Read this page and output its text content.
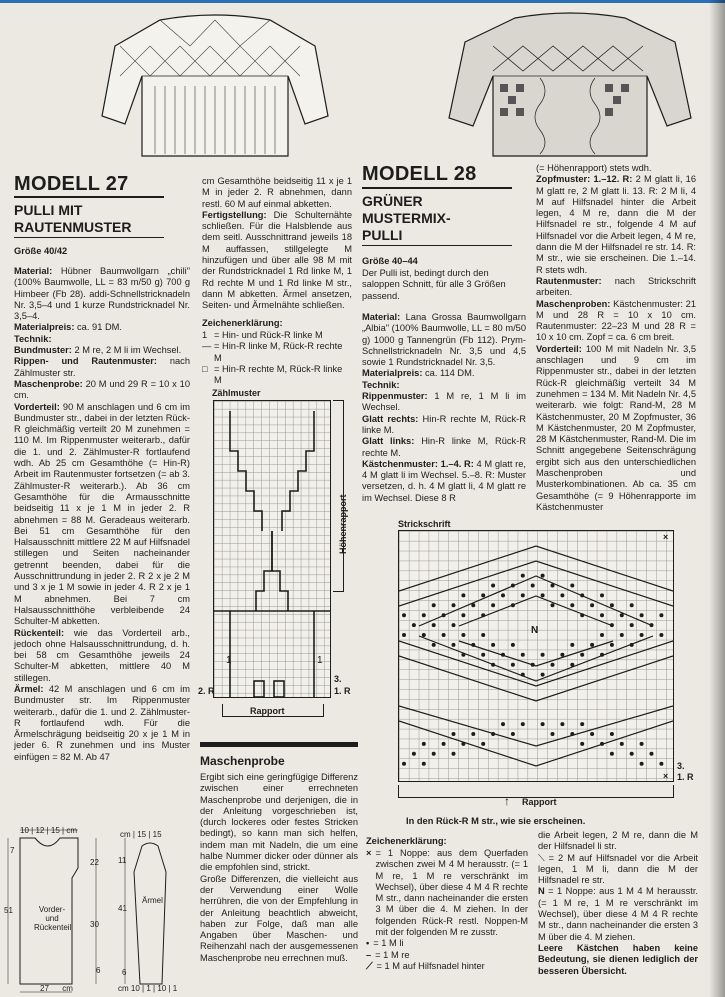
MODELL 27
PULLI MIT
RAUTENMUSTER
Größe 40/42

Material: Hübner Baumwollgarn „chili" (100% Baumwolle, LL = 83 m/50 g) 700 g Himbeer (Fb 28). addi-Schnellstricknadeln Nr. 3,5–4 und 1 kurze Rundstricknadel Nr. 3,5–4.

Materialpreis: ca. 91 DM.

Technik:

Bundmuster: 2 M re, 2 M li im Wechsel.

Rippen- und Rautenmuster: nach Zählmuster str.

Maschenprobe: 20 M und 29 R = 10 x 10 cm.

Vorderteil: 90 M anschlagen und 6 cm im Bundmuster str., dabei in der letzten Rück-R gleichmäßig verteilt 20 M zunehmen = 110 M. Im Rippenmuster weiterarb., dafür die 1. und 2. Zählmuster-R fortlaufend wdh. Ab 25 cm Gesamthöhe (= Hin-R) Arbeit im Rautenmuster fortsetzen (= ab 3. Zählmuster-R weiterarb.). Ab 36 cm Gesamthöhe für die Armausschnitte beidseitig 11 x je 1 M in jeder 2. R abnehmen = 88 M. Geradeaus weiterarb. Bei 51 cm Gesamthöhe für den Halsausschnitt mittlere 22 M auf Hilfsnadel stillegen und Seiten nacheinander getrennt beenden, dabei für die Ausschnittrundung in jeder 2. R 2 x je 2 M und 3 x je 1 M sowie in jeder 4. R 2 x je 1 M abnehmen. Bei 7 cm Halsausschnitthöhe verbleibende 24 Schulter-M abketten.

Rückenteil: wie das Vorderteil arb., jedoch ohne Halsausschnittrundung, d. h. bei 58 cm Gesamthöhe jeweils 24 Schulter-M abketten, mittlere 40 M stillegen.

Ärmel: 42 M anschlagen und 6 cm im Bundmuster str. Im Rippenmuster weiterarb., dafür die 1. und 2. Zählmuster-R fortlaufend wdh. Für die Ärmelschrägung beidseitig 20 x je 1 M in jeder 6. R zunehmen und ins Muster einfügen = 82 M. Ab 47

cm Gesamthöhe beidseitig 11 x je 1 M in jeder 2. R abnehmen, dann restl. 60 M auf einmal abketten.

Fertigstellung: Die Schulternähte schließen. Für die Halsblende aus dem seitl. Ausschnittrand jeweils 18 M auffassen, stillgelegte M hinzufügen und über alle 98 M mit der Rundstricknadel 1 Rd linke M, 1 Rd rechte M und 1 Rd linke M str., dann M abketten. Ärmel ansetzen, Seiten- und Ärmelnähte schließen.

Zeichenerklärung:
1 = Hin- und Rück-R linke M
— = Hin-R linke M, Rück-R rechte M
□ = Hin-R rechte M, Rück-R linke M
Zählmuster
1	1
Höhenrapport
3.
1. R
2. R
Rapport
Maschenprobe

Ergibt sich eine geringfügige Differenz zwischen einer errechneten Maschenprobe und derjenigen, die in der Anleitung vorgeschrieben ist, (durch lockeres oder festes Stricken bedingt), so kann man sich helfen, indem man mit Nadeln, die um eine halbe Nummer dicker oder dünner als die empfohlen sind, strickt.

Große Differenzen, die vielleicht aus der Verwendung einer Wolle herrühren, die von der Empfehlung in der Anleitung beachtlich abweicht, haben zur Folge, daß man alle Angaben über Maschen- und Reihenzahl nach der ausgemessenen Maschenprobe neu errechnen muß.

10 | 12 | 15 | cm
7
22
51
30
6
Vorder- und Rückenteil
27 cm
cm | 15 | 15
11
41
6
Ärmel
cm 10 | 1 | 10 | 1
MODELL 28
GRÜNER
MUSTERMIX-
PULLI
Größe 40–44
Der Pulli ist, bedingt durch den saloppen Schnitt, für alle 3 Größen passend.

Material: Lana Grossa Baumwollgarn „Albia" (100% Baumwolle, LL = 80 m/50 g) 1000 g Tannengrün (Fb 112). Prym-Schnellstricknadeln Nr. 3,5 und 4,5 sowie 1 Rundstricknadel Nr. 3,5.

Materialpreis: ca. 114 DM.

Technik:

Rippenmuster: 1 M re, 1 M li im Wechsel.

Glatt rechts: Hin-R rechte M, Rück-R linke M.

Glatt links: Hin-R linke M, Rück-R rechte M.

Kästchenmuster: 1.–4. R: 4 M glatt re, 4 M glatt li im Wechsel. 5.–8. R: Muster versetzen, d. h. 4 M glatt li, 4 M glatt re im Wechsel. Diese 8 R

(= Höhenrapport) stets wdh.

Zopfmuster: 1.–12. R: 2 M glatt li, 16 M glatt re, 2 M glatt li. 13. R: 2 M li, 4 M auf Hilfsnadel hinter die Arbeit legen, 4 M re, dann die M der Hilfsnadel re str., folgende 4 M auf Hilfsnadel vor die Arbeit legen, 4 M re, dann die M der Hilfsnadel re str. 14. R: M str., wie sie erscheinen. Die 1.–14. R stets wdh.

Rautenmuster: nach Strickschrift arbeiten.

Maschenproben: Kästchenmuster: 21 M und 28 R = 10 x 10 cm. Rautenmuster: 22–23 M und 28 R = 10 x 10 cm. Zopf = ca. 6 cm breit.

Vorderteil: 100 M mit Nadeln Nr. 3,5 anschlagen und 9 cm im Rippenmuster str., dabei in der letzten Rück-R gleichmäßig verteilt 34 M zunehmen = 134 M. Mit Nadeln Nr. 4,5 weiterarb. wie folgt: Rand-M, 28 M Kästchenmuster, 20 M Zopfmuster, 36 M Kästchenmuster, 20 M Zopfmuster, 28 M Kästchenmuster, Rand-M. Die im Schnitt angegebene Seitenschrägung ergibt sich aus den unterschiedlichen Maschenproben und Musterkombinationen. Ab ca. 35 cm Gesamthöhe (= 9 Höhenrapporte im Kästchenmuster

Strickschrift
×
×
N
3.
1. R
↑ Rapport
In den Rück-R M str., wie sie erscheinen.
Zeichenerklärung:
× = 1 Noppe: aus dem Querfaden zwischen zwei M 4 M herausstr. (= 1 M re, 1 M re verschränkt im Wechsel), über diese 4 M 4 R rechte M str., dann nacheinander die ersten 3 M über die 4. M ziehen. In der folgenden Rück-R restl. Noppen-M mit der folgenden M re zusstr.
• = 1 M li
– = 1 M re
⟋ = 1 M auf Hilfsnadel hinter

die Arbeit legen, 2 M re, dann die M der Hilfsnadel li str.

⟍ = 2 M auf Hilfsnadel vor die Arbeit legen, 1 M li, dann die M der Hilfsnadel re str.

N = 1 Noppe: aus 1 M 4 M herausstr. (= 1 M re, 1 M re verschränkt im Wechsel), über diese 4 M 4 R rechte M str., dann nacheinander die ersten 3 M über die 4. M ziehen.

Leere Kästchen haben keine Bedeutung, sie dienen lediglich der besseren Übersicht.
